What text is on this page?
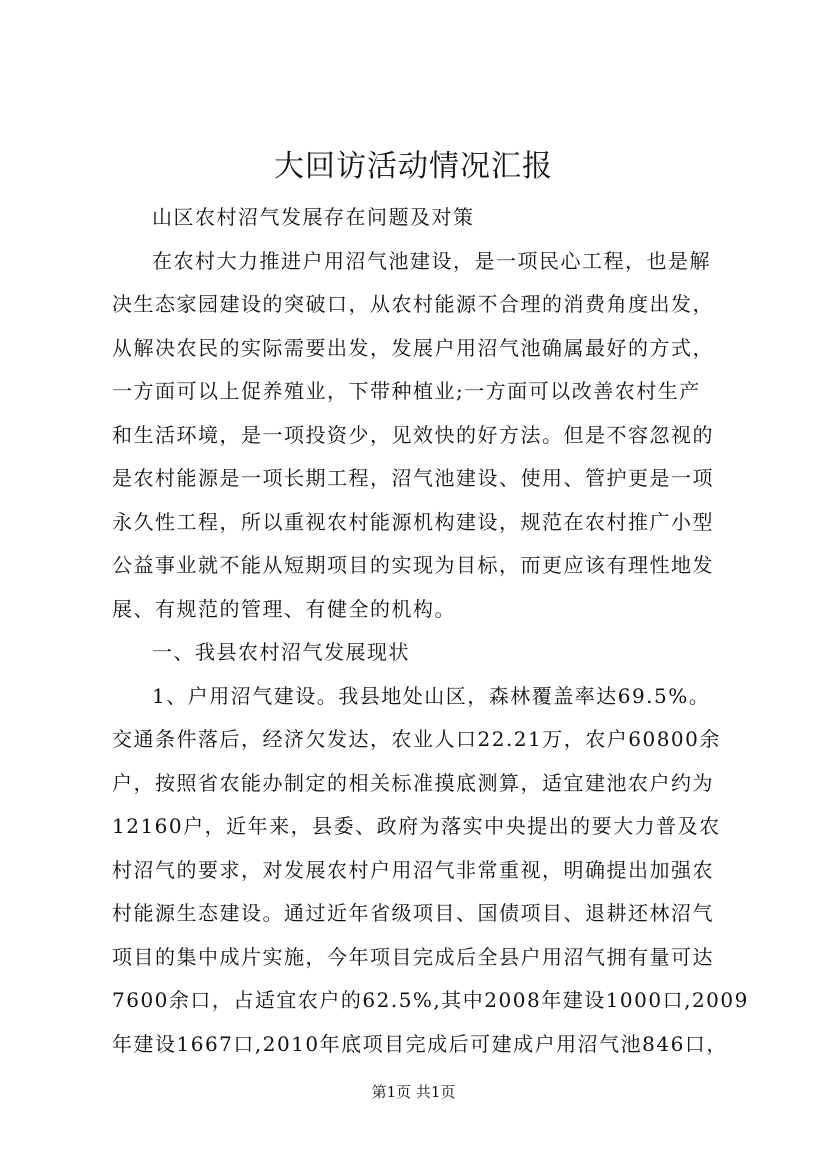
大回访活动情况汇报
山区农村沼气发展存在问题及对策
在农村大力推进户用沼气池建设，是一项民心工程，也是解
决生态家园建设的突破口，从农村能源不合理的消费角度出发，
从解决农民的实际需要出发，发展户用沼气池确属最好的方式，
一方面可以上促养殖业，下带种植业;一方面可以改善农村生产
和生活环境，是一项投资少，见效快的好方法。但是不容忽视的
是农村能源是一项长期工程，沼气池建设、使用、管护更是一项
永久性工程，所以重视农村能源机构建设，规范在农村推广小型
公益事业就不能从短期项目的实现为目标，而更应该有理性地发
展、有规范的管理、有健全的机构。
一、我县农村沼气发展现状
1、户用沼气建设。我县地处山区，森林覆盖率达69.5%。
交通条件落后，经济欠发达，农业人口22.21万，农户60800余
户，按照省农能办制定的相关标准摸底测算，适宜建池农户约为
12160户，近年来，县委、政府为落实中央提出的要大力普及农
村沼气的要求，对发展农村户用沼气非常重视，明确提出加强农
村能源生态建设。通过近年省级项目、国债项目、退耕还林沼气
项目的集中成片实施，今年项目完成后全县户用沼气拥有量可达
7600余口，占适宜农户的62.5%,其中2008年建设1000口,2009
年建设1667口,2010年底项目完成后可建成户用沼气池846口，
第1页 共1页
